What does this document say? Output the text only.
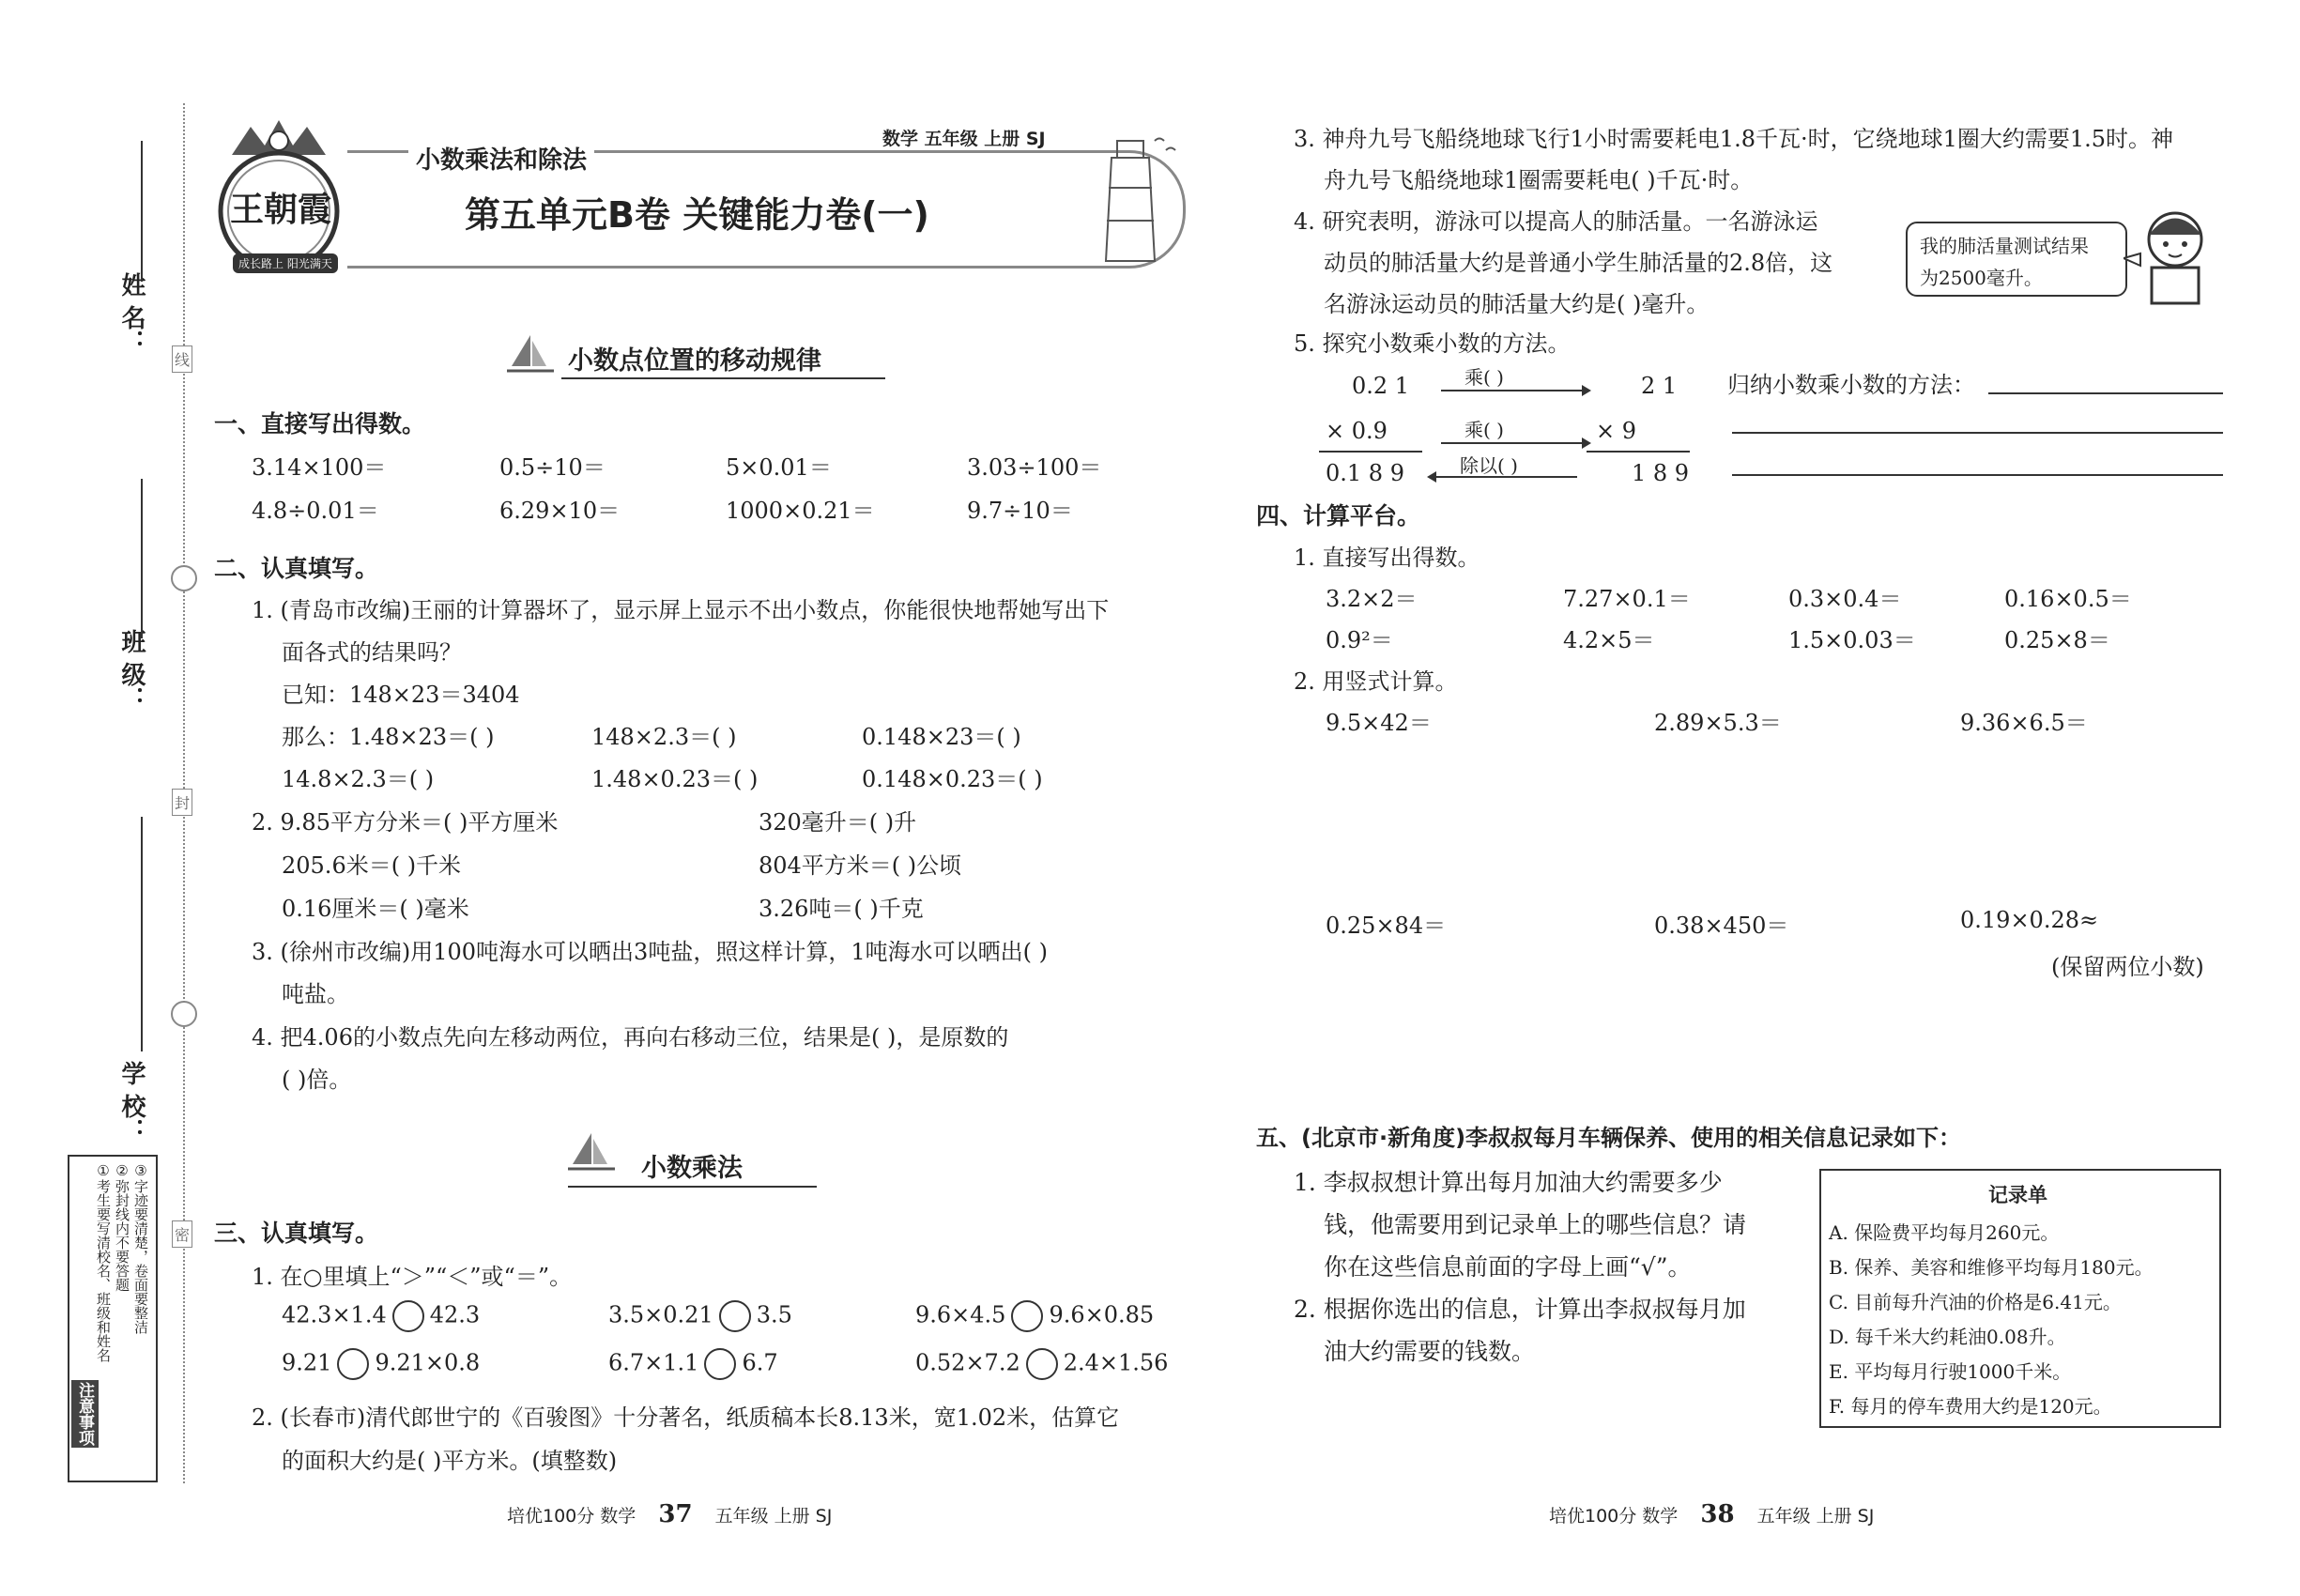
姓 名：
班 级：
学 校：
线
封
密
注意事项
①考生要写清校名、班级和姓名 ②弥封线内不要答题 ③字迹要清楚，卷面要整洁
王朝霞
成长路上 阳光满天
小数乘法和除法
数学 五年级 上册 SJ
第五单元B卷 关键能力卷(一)
小数点位置的移动规律
一、直接写出得数。
3.14×100＝	0.5÷10＝	5×0.01＝	3.03÷100＝
4.8÷0.01＝	6.29×10＝	1000×0.21＝	9.7÷10＝
二、认真填写。
1. (青岛市改编)王丽的计算器坏了，显示屏上显示不出小数点，你能很快地帮她写出下
面各式的结果吗？
已知：148×23＝3404
那么：1.48×23＝( )	148×2.3＝( )	0.148×23＝( )
14.8×2.3＝( )	1.48×0.23＝( )	0.148×0.23＝( )
2. 9.85平方分米＝( )平方厘米	320毫升＝( )升
205.6米＝( )千米	804平方米＝( )公顷
0.16厘米＝( )毫米	3.26吨＝( )千克
3. (徐州市改编)用100吨海水可以晒出3吨盐，照这样计算，1吨海水可以晒出( )
吨盐。
4. 把4.06的小数点先向左移动两位，再向右移动三位，结果是( )，是原数的
( )倍。
小数乘法
三、认真填写。
1. 在○里填上“＞”“＜”或“＝”。
42.3×1.4 42.3	3.5×0.21 3.5	9.6×4.5 9.6×0.85
9.21 9.21×0.8	6.7×1.1 6.7	0.52×7.2 2.4×1.56
2. (长春市)清代郎世宁的《百骏图》十分著名，纸质稿本长8.13米，宽1.02米，估算它
的面积大约是( )平方米。(填整数)
培优100分 数学 37 五年级 上册 SJ
3. 神舟九号飞船绕地球飞行1小时需要耗电1.8千瓦·时，它绕地球1圈大约需要1.5时。神
舟九号飞船绕地球1圈需要耗电( )千瓦·时。
4. 研究表明，游泳可以提高人的肺活量。一名游泳运
动员的肺活量大约是普通小学生肺活量的2.8倍，这
名游泳运动员的肺活量大约是( )毫升。
我的肺活量测试结果
为2500毫升。
5. 探究小数乘小数的方法。
0.2 1
× 0.9
0.1 8 9
乘( )
乘( )
除以( )
2 1
× 9
1 8 9
归纳小数乘小数的方法：
四、计算平台。
1. 直接写出得数。
3.2×2＝	7.27×0.1＝	0.3×0.4＝	0.16×0.5＝
0.9²＝	4.2×5＝	1.5×0.03＝	0.25×8＝
2. 用竖式计算。
9.5×42＝	2.89×5.3＝	9.36×6.5＝
0.25×84＝	0.38×450＝	0.19×0.28≈
(保留两位小数)
五、(北京市·新角度)李叔叔每月车辆保养、使用的相关信息记录如下：
1. 李叔叔想计算出每月加油大约需要多少
钱，他需要用到记录单上的哪些信息？请
你在这些信息前面的字母上画“√”。
2. 根据你选出的信息，计算出李叔叔每月加
油大约需要的钱数。
记录单
A. 保险费平均每月260元。
B. 保养、美容和维修平均每月180元。
C. 目前每升汽油的价格是6.41元。
D. 每千米大约耗油0.08升。
E. 平均每月行驶1000千米。
F. 每月的停车费用大约是120元。
培优100分 数学 38 五年级 上册 SJ
